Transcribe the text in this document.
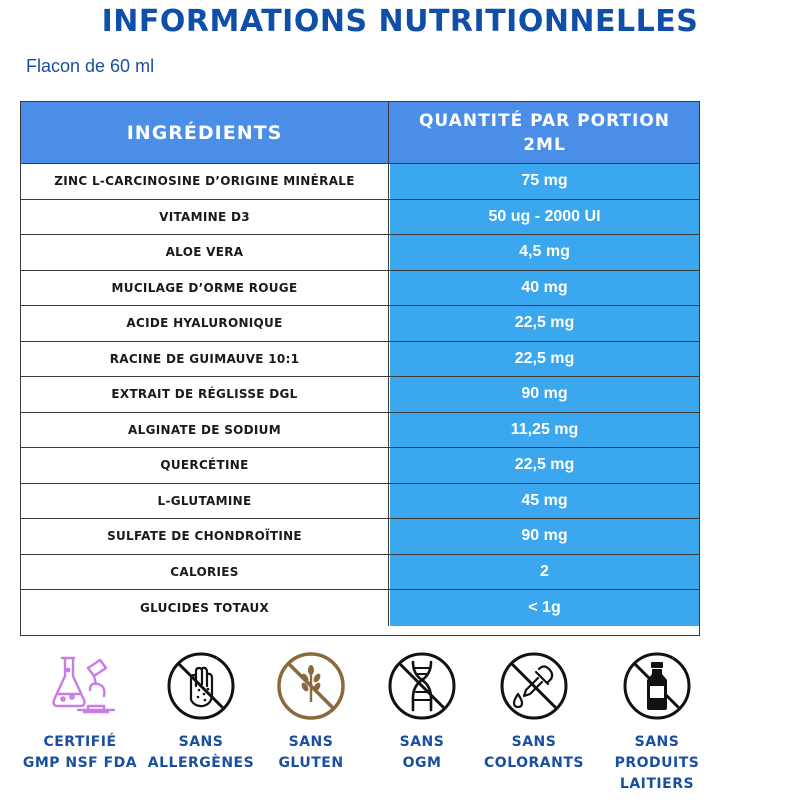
INFORMATIONS NUTRITIONNELLES
Flacon de 60 ml
INGRÉDIENTS
QUANTITÉ PAR PORTION
2ML
ZINC L-CARCINOSINE D’ORIGINE MINÉRALE	75 mg
VITAMINE D3	50 ug - 2000 UI
ALOE VERA	4,5 mg
MUCILAGE D’ORME ROUGE	40 mg
ACIDE HYALURONIQUE	22,5 mg
RACINE DE GUIMAUVE 10:1	22,5 mg
EXTRAIT DE RÉGLISSE DGL	90 mg
ALGINATE DE SODIUM	11,25 mg
QUERCÉTINE	22,5 mg
L-GLUTAMINE	45 mg
SULFATE DE CHONDROÏTINE	90 mg
CALORIES	2
GLUCIDES TOTAUX	< 1g
CERTIFIÉ
GMP NSF FDA
SANS
ALLERGÈNES
SANS
GLUTEN
SANS
OGM
SANS
COLORANTS
SANS
PRODUITS
LAITIERS
